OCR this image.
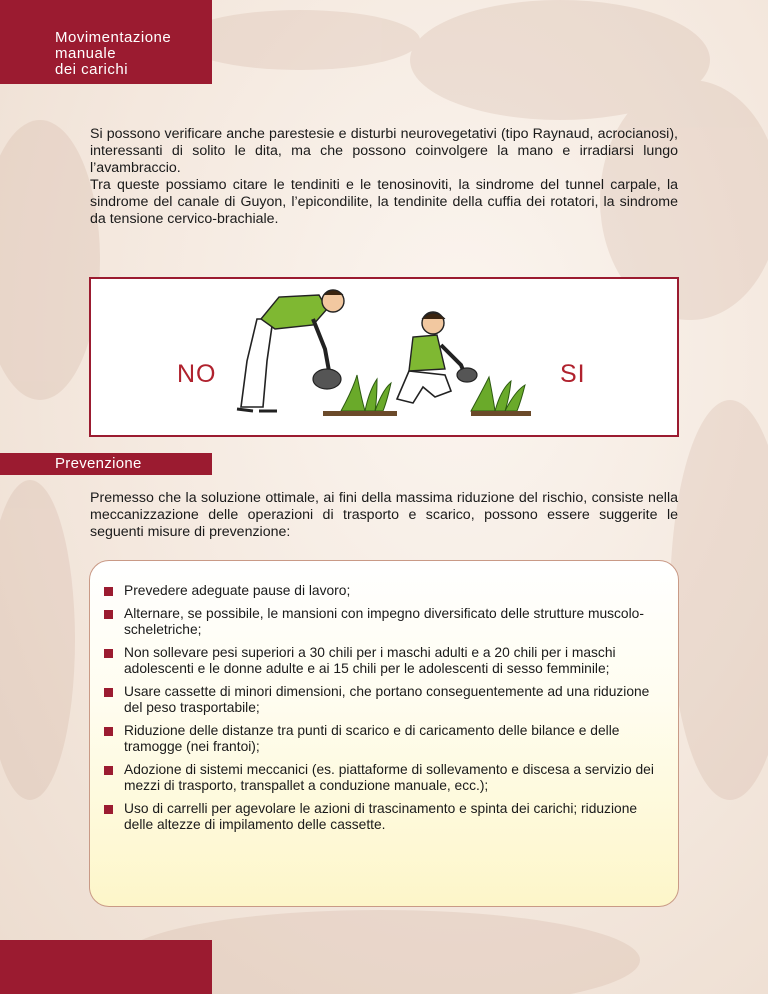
Movimentazione
manuale
dei carichi

Si possono verificare anche parestesie e disturbi neurovegetativi (tipo Raynaud, acrocianosi), interessanti di solito le dita, ma che possono coinvolgere la mano e irradiarsi lungo l’avambraccio.

Tra queste possiamo citare le tendiniti e le tenosinoviti, la sindrome del tunnel carpale, la sindrome del canale di Guyon, l’epicondilite, la tendinite della cuffia dei rotatori, la sindrome da tensione cervico-brachiale.

NO	SI
Prevenzione

Premesso che la soluzione ottimale, ai fini della massima riduzione del rischio, consiste nella meccanizzazione delle operazioni di trasporto e scarico, possono essere suggerite le seguenti misure di prevenzione:

Prevedere adeguate pause di lavoro;
Alternare, se possibile, le mansioni con impegno diversificato delle strutture muscolo-scheletriche;
Non sollevare pesi superiori a 30 chili per i maschi adulti e a 20 chili per i maschi adolescenti e le donne adulte e ai 15 chili per le adolescenti di sesso femminile;
Usare cassette di minori dimensioni, che portano conseguentemente ad una riduzione del peso trasportabile;
Riduzione delle distanze tra punti di scarico e di caricamento delle bilance e delle tramogge (nei frantoi);
Adozione di sistemi meccanici (es. piattaforme di sollevamento e discesa a servizio dei mezzi di trasporto, transpallet a conduzione manuale, ecc.);
Uso di carrelli per agevolare le azioni di trascinamento e spinta dei carichi; riduzione delle altezze di impilamento delle cassette.
